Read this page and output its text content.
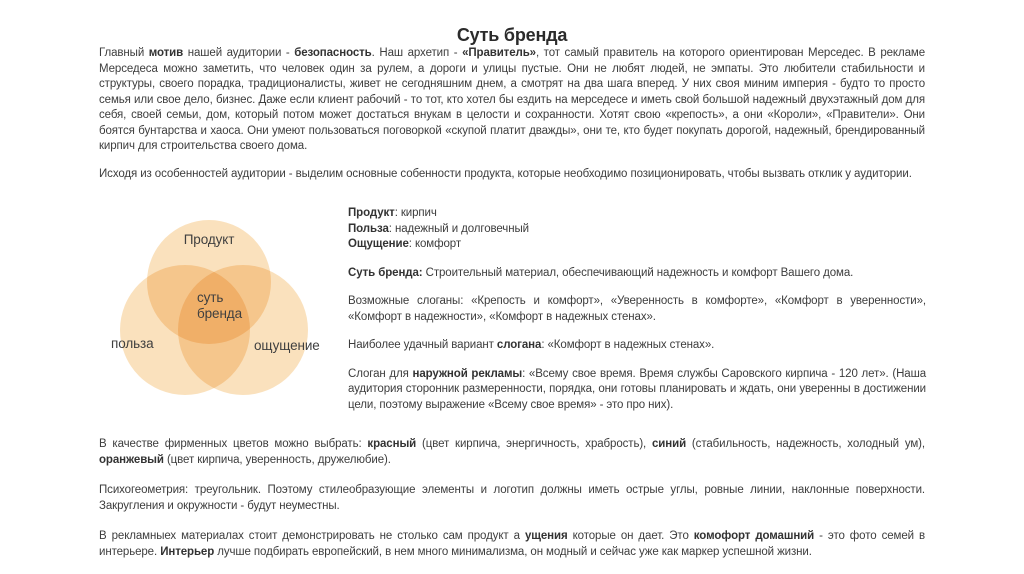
Суть бренда

Главный мотив нашей аудитории - безопасность. Наш архетип - «Правитель», тот самый правитель на которого ориентирован Мерседес. В рекламе Мерседеса можно заметить, что человек один за рулем, а дороги и улицы пустые. Они не любят людей, не эмпаты. Это любители стабильности и структуры, своего порадка, традиционалисты, живет не сегодняшним днем, а смотрят на два шага вперед. У них своя миним империя - будто то просто семья или свое дело, бизнес. Даже если клиент рабочий - то тот, кто хотел бы ездить на мерседесе и иметь свой большой надежный двухэтажный дом для себя, своей семьи, дом, который потом может достаться внукам в целости и сохранности. Хотят свою «крепость», а они «Короли», «Правители». Они боятся бунтарства и хаоса. Они умеют пользоваться поговоркой «скупой платит дважды», они те, кто будет покупать дорогой, надежный, брендированный кирпич для строительства своего дома.

Исходя из особенностей аудитории - выделим основные собенности продукта, которые необходимо позиционировать, чтобы вызвать отклик у аудитории.

Продукт
суть
бренда
польза	ощущение

Продукт: кирпич

Польза: надежный и долговечный

Ощущение: комфорт

Суть бренда: Строительный материал, обеспечивающий надежность и комфорт Вашего дома.

Возможные слоганы: «Крепость и комфорт», «Уверенность в комфорте», «Комфорт в уверенности», «Комфорт в надежности», «Комфорт в надежных стенах».

Наиболее удачный вариант слогана: «Комфорт в надежных стенах».

Слоган для наружной рекламы: «Всему свое время. Время службы Саровского кирпича - 120 лет». (Наша аудитория сторонник размеренности, порядка, они готовы планировать и ждать, они уверенны в достижении цели, поэтому выражение «Всему свое время» - это про них).

В качестве фирменных цветов можно выбрать: красный (цвет кирпича, энергичность, храбрость), синий (стабильность, надежность, холодный ум), оранжевый (цвет кирпича, уверенность, дружелюбие).

Психогеометрия: треугольник. Поэтому стилеобразующие элементы и логотип должны иметь острые углы, ровные линии, наклонные поверхности. Закругления и окружности - будут неуместны.

В рекламныех материалах стоит демонстрировать не столько сам продукт а ущения которые он дает. Это комофорт домашний - это фото семей в интерьере. Интерьер лучше подбирать европейский, в нем много минимализма, он модный и сейчас уже как маркер успешной жизни.
